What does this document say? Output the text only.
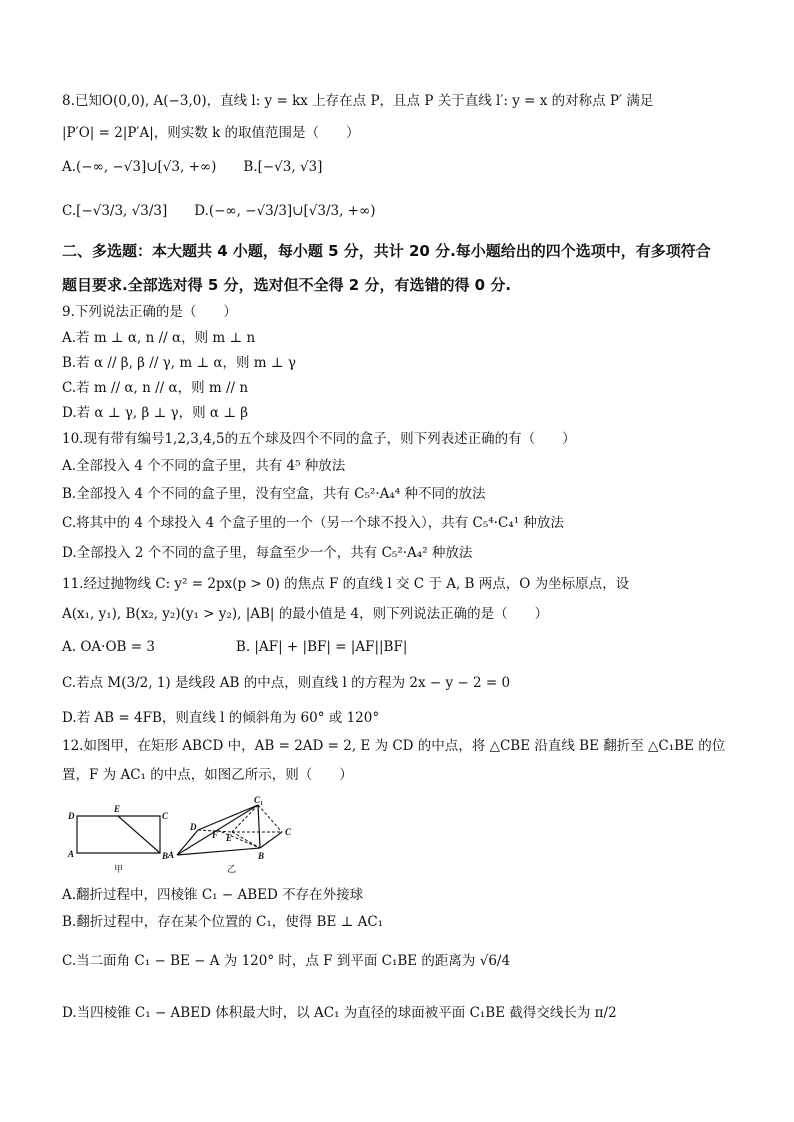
8.已知O(0,0), A(−3,0)，直线 l: y = kx 上存在点 P，且点 P 关于直线 l′: y = x 的对称点 P′ 满足
|P′O| = 2|P′A|，则实数 k 的取值范围是（　　）
A.(−∞, −√3]∪[√3, +∞)　　B.[−√3, √3]
C.[−√3/3, √3/3]　　D.(−∞, −√3/3]∪[√3/3, +∞)
二、多选题：本大题共 4 小题，每小题 5 分，共计 20 分.每小题给出的四个选项中，有多项符合
题目要求.全部选对得 5 分，选对但不全得 2 分，有选错的得 0 分.
9.下列说法正确的是（　　）
A.若 m ⊥ α, n // α，则 m ⊥ n
B.若 α // β, β // γ, m ⊥ α，则 m ⊥ γ
C.若 m // α, n // α，则 m // n
D.若 α ⊥ γ, β ⊥ γ，则 α ⊥ β
10.现有带有编号1,2,3,4,5的五个球及四个不同的盒子，则下列表述正确的有（　　）
A.全部投入 4 个不同的盒子里，共有 4⁵ 种放法
B.全部投入 4 个不同的盒子里，没有空盒，共有 C₅²·A₄⁴ 种不同的放法
C.将其中的 4 个球投入 4 个盒子里的一个（另一个球不投入），共有 C₅⁴·C₄¹ 种放法
D.全部投入 2 个不同的盒子里，每盒至少一个，共有 C₅²·A₄² 种放法
11.经过抛物线 C: y² = 2px(p > 0) 的焦点 F 的直线 l 交 C 于 A, B 两点，O 为坐标原点，设
A(x₁, y₁), B(x₂, y₂)(y₁ > y₂), |AB| 的最小值是 4，则下列说法正确的是（　　）
A. OA·OB = 3　　　　　　B. |AF| + |BF| = |AF||BF|
C.若点 M(3/2, 1) 是线段 AB 的中点，则直线 l 的方程为 2x − y − 2 = 0
D.若 AB = 4FB，则直线 l 的倾斜角为 60° 或 120°
12.如图甲，在矩形 ABCD 中，AB = 2AD = 2, E 为 CD 的中点，将 △CBE 沿直线 BE 翻折至 △C₁BE 的位
置，F 为 AC₁ 的中点，如图乙所示，则（　　）
D
E
C
A	B
甲
C₁
D
E
F
A	B
C
乙
A.翻折过程中，四棱锥 C₁ − ABED 不存在外接球
B.翻折过程中，存在某个位置的 C₁，使得 BE ⊥ AC₁
C.当二面角 C₁ − BE − A 为 120° 时，点 F 到平面 C₁BE 的距离为 √6/4
D.当四棱锥 C₁ − ABED 体积最大时，以 AC₁ 为直径的球面被平面 C₁BE 截得交线长为 π/2
